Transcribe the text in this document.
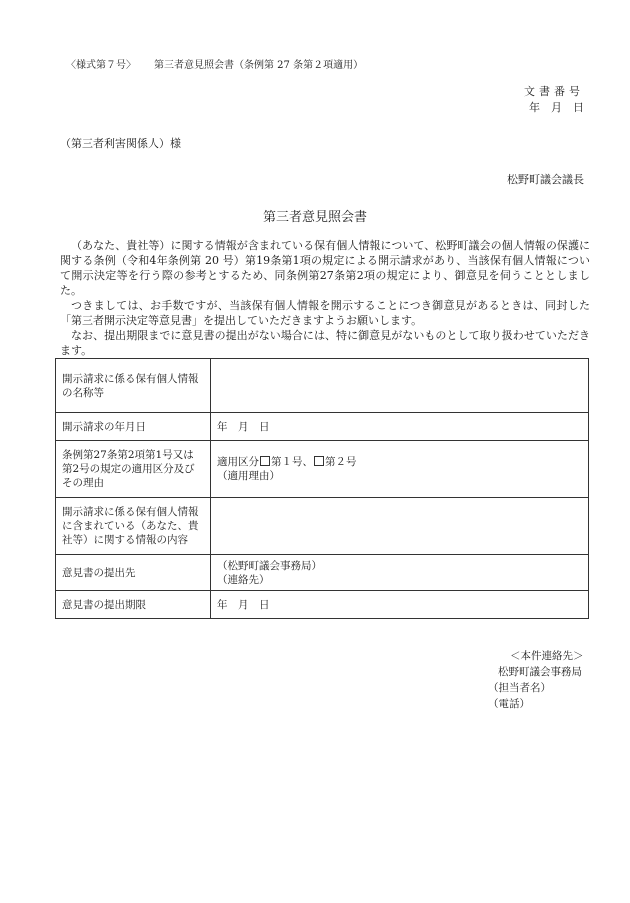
〈様式第７号〉 第三者意見照会書（条例第 27 条第２項適用）
文書番号
年　月　日
（第三者利害関係人）様
松野町議会議長
第三者意見照会書

（あなた、貴社等）に関する情報が含まれている保有個人情報について、松野町議会の個人情報の保護に関する条例（令和4年条例第 20 号）第19条第1項の規定による開示請求があり、当該保有個人情報について開示決定等を行う際の参考とするため、同条例第27条第2項の規定により、御意見を伺うこととしました。

つきましては、お手数ですが、当該保有個人情報を開示することにつき御意見があるときは、同封した「第三者開示決定等意見書」を提出していただきますようお願いします。

なお、提出期限までに意見書の提出がない場合には、特に御意見がないものとして取り扱わせていただきます。

開示請求に係る保有個人情報の名称等	
開示請求の年月日	年　月　日
条例第27条第2項第1号又は第2号の規定の適用区分及びその理由	適用区分 第１号、 第２号
（適用理由）
開示請求に係る保有個人情報に含まれている（あなた、貴社等）に関する情報の内容	
意見書の提出先	（松野町議会事務局）
（連絡先）
意見書の提出期限	年　月　日
＜本件連絡先＞
松野町議会事務局
（担当者名）
（電話）
